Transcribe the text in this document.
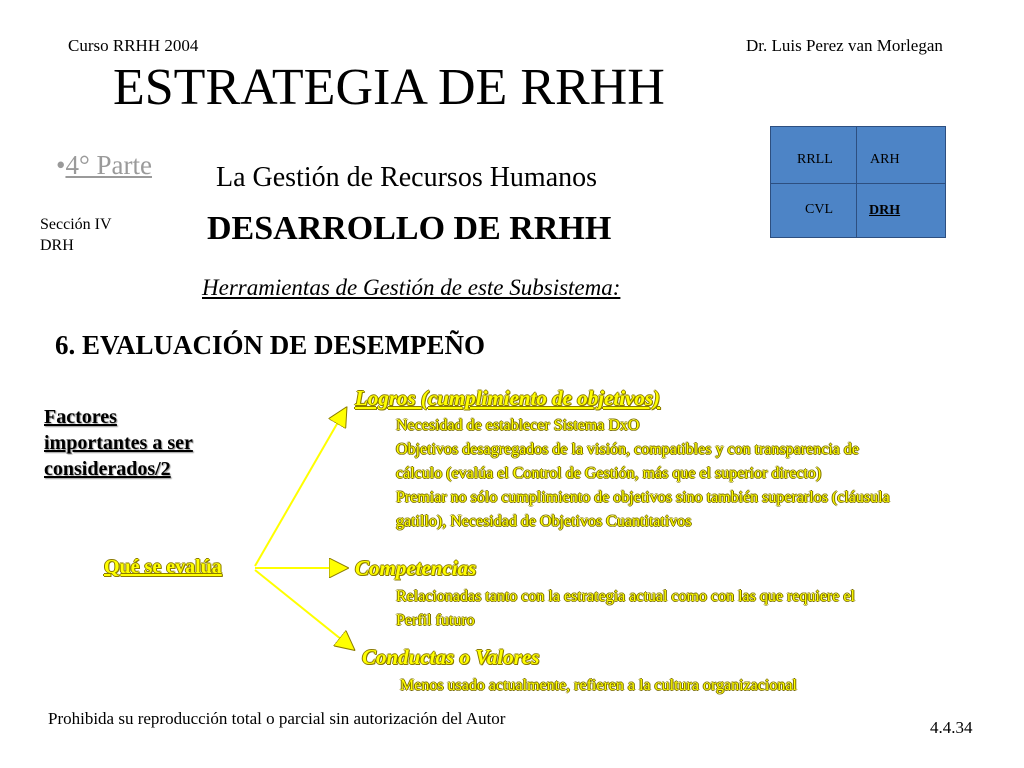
Curso RRHH 2004	Dr. Luis Perez van Morlegan
ESTRATEGIA DE RRHH
•4° Parte La Gestión de Recursos Humanos
Sección IV
DRH	DESARROLLO DE RRHH
Herramientas de Gestión de este Subsistema:
6. EVALUACIÓN DE DESEMPEÑO
RRLL	ARH
CVL	DRH
Factores
importantes a ser
considerados/2
Qué se evalúa
Logros (cumplimiento de objetivos)
Necesidad de establecer Sistema DxO
Objetivos desagregados de la visión, compatibles y con transparencia de
cálculo (evalúa el Control de Gestión, más que el superior directo)
Premiar no sólo cumplimiento de objetivos sino también superarlos (cláusula
gatillo), Necesidad de Objetivos Cuantitativos
Competencias
Relacionadas tanto con la estrategia actual como con las que requiere el
Perfil futuro
Conductas o Valores
Menos usado actualmente, refieren a la cultura organizacional
Prohibida su reproducción total o parcial sin autorización del Autor	4.4.34
